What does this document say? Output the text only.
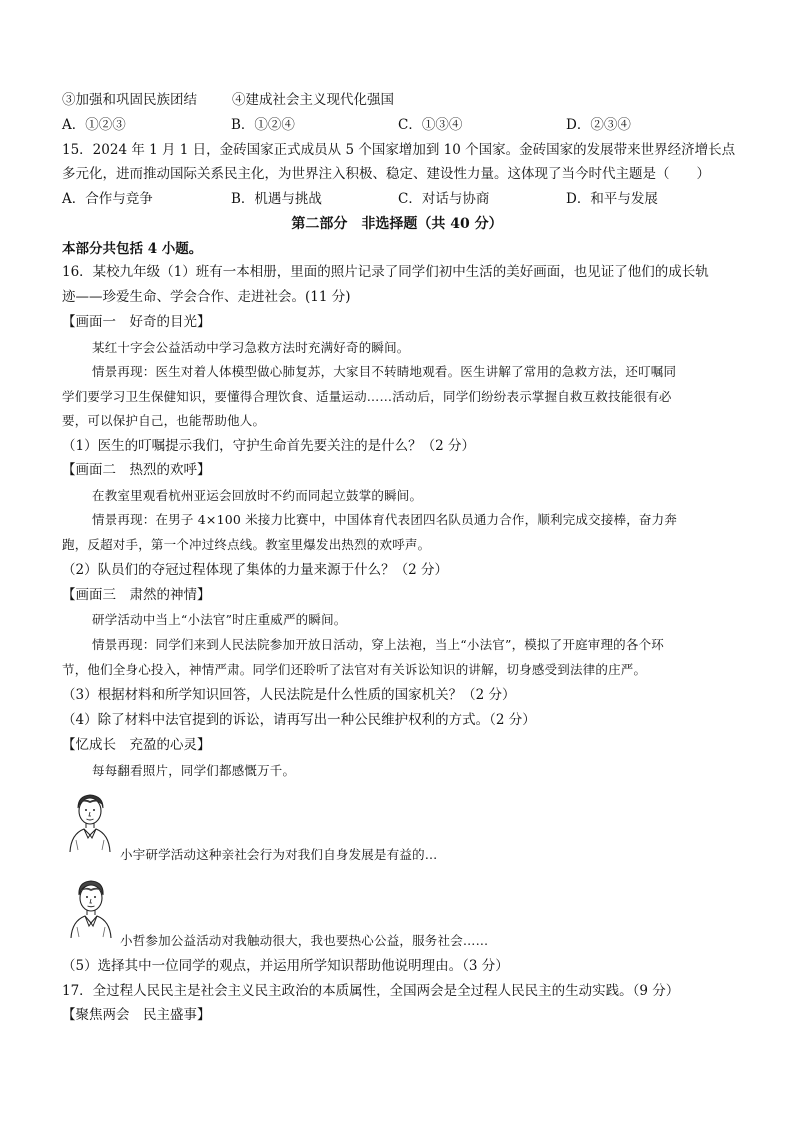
③加强和巩固民族团结	④建成社会主义现代化强国
A．①②③	B．①②④	C．①③④	D．②③④
15．2024 年 1 月 1 日，金砖国家正式成员从 5 个国家增加到 10 个国家。金砖国家的发展带来世界经济增长点
多元化，进而推动国际关系民主化，为世界注入积极、稳定、建设性力量。这体现了当今时代主题是（　　）
A．合作与竞争	B．机遇与挑战	C．对话与协商	D．和平与发展
第二部分　非选择题（共 40 分）
本部分共包括 4 小题。
16．某校九年级（1）班有一本相册，里面的照片记录了同学们初中生活的美好画面，也见证了他们的成长轨
迹——珍爱生命、学会合作、走进社会。(11 分)
【画面一　好奇的目光】
某红十字会公益活动中学习急救方法时充满好奇的瞬间。
情景再现：医生对着人体模型做心肺复苏，大家目不转睛地观看。医生讲解了常用的急救方法，还叮嘱同
学们要学习卫生保健知识，要懂得合理饮食、适量运动……活动后，同学们纷纷表示掌握自救互救技能很有必
要，可以保护自己，也能帮助他人。
（1）医生的叮嘱提示我们，守护生命首先要关注的是什么？（2 分）
【画面二　热烈的欢呼】
在教室里观看杭州亚运会回放时不约而同起立鼓掌的瞬间。
情景再现：在男子 4×100 米接力比赛中，中国体育代表团四名队员通力合作，顺利完成交接棒，奋力奔
跑，反超对手，第一个冲过终点线。教室里爆发出热烈的欢呼声。
（2）队员们的夺冠过程体现了集体的力量来源于什么？（2 分）
【画面三　肃然的神情】
研学活动中当上“小法官”时庄重威严的瞬间。
情景再现：同学们来到人民法院参加开放日活动，穿上法袍，当上“小法官”，模拟了开庭审理的各个环
节，他们全身心投入，神情严肃。同学们还聆听了法官对有关诉讼知识的讲解，切身感受到法律的庄严。
（3）根据材料和所学知识回答，人民法院是什么性质的国家机关？（2 分）
（4）除了材料中法官提到的诉讼，请再写出一种公民维护权利的方式。（2 分）
【忆成长　充盈的心灵】
每每翻看照片，同学们都感慨万千。
小宇研学活动这种亲社会行为对我们自身发展是有益的…
小哲参加公益活动对我触动很大，我也要热心公益，服务社会……
（5）选择其中一位同学的观点，并运用所学知识帮助他说明理由。（3 分）
17．全过程人民民主是社会主义民主政治的本质属性，全国两会是全过程人民民主的生动实践。（9 分）
【聚焦两会　民主盛事】
